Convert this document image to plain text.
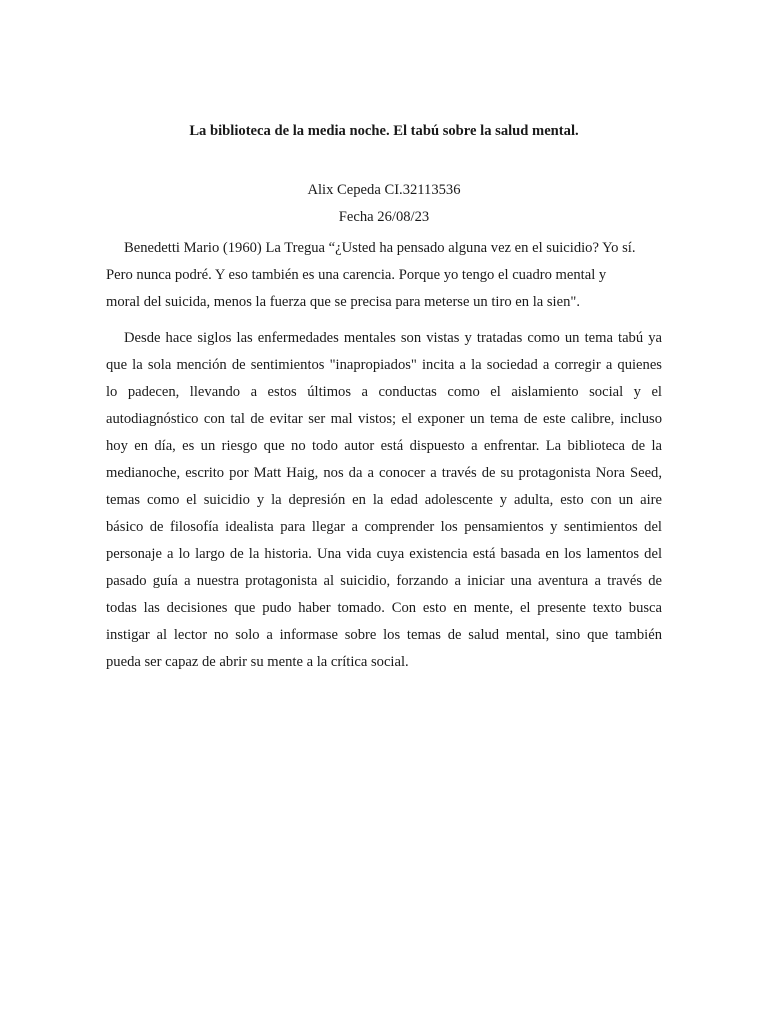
La biblioteca de la media noche. El tabú sobre la salud mental.

Alix Cepeda CI.32113536

Fecha 26/08/23

Benedetti Mario (1960) La Tregua “¿Usted ha pensado alguna vez en el suicidio? Yo sí.
Pero nunca podré. Y eso también es una carencia. Porque yo tengo el cuadro mental y
moral del suicida, menos la fuerza que se precisa para meterse un tiro en la sien".

Desde hace siglos las enfermedades mentales son vistas y tratadas como un tema tabú ya
que la sola mención de sentimientos "inapropiados" incita a la sociedad a corregir a quienes
lo padecen, llevando a estos últimos a conductas como el aislamiento social y el
autodiagnóstico con tal de evitar ser mal vistos; el exponer un tema de este calibre, incluso
hoy en día, es un riesgo que no todo autor está dispuesto a enfrentar. La biblioteca de la
medianoche, escrito por Matt Haig, nos da a conocer a través de su protagonista Nora Seed,
temas como el suicidio y la depresión en la edad adolescente y adulta, esto con un aire
básico de filosofía idealista para llegar a comprender los pensamientos y sentimientos del
personaje a lo largo de la historia. Una vida cuya existencia está basada en los lamentos del
pasado guía a nuestra protagonista al suicidio, forzando a iniciar una aventura a través de
todas las decisiones que pudo haber tomado. Con esto en mente, el presente texto busca
instigar al lector no solo a informase sobre los temas de salud mental, sino que también
pueda ser capaz de abrir su mente a la crítica social.
